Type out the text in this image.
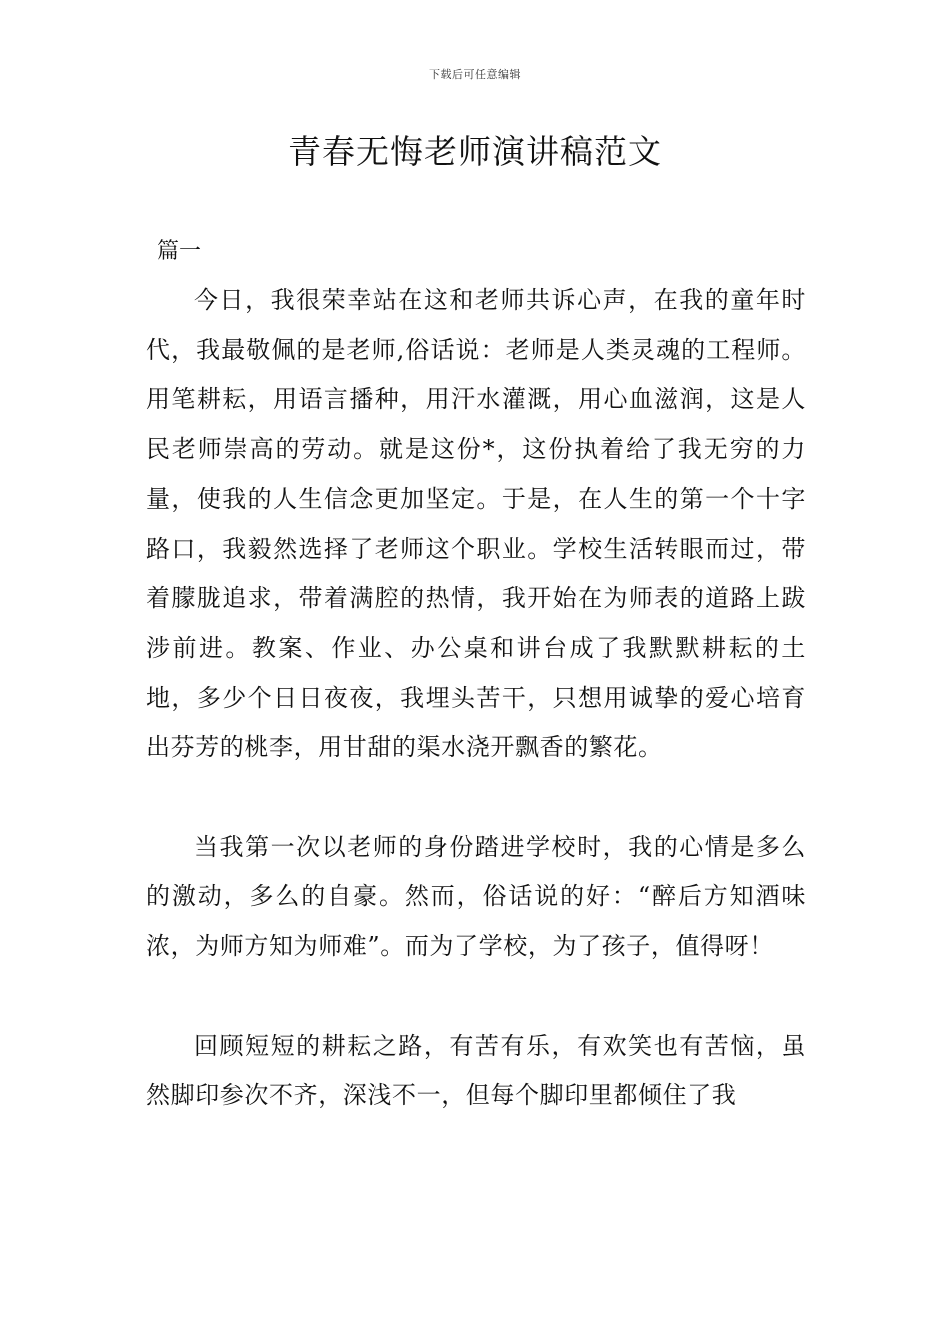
下载后可任意编辑
青春无悔老师演讲稿范文
篇一

今日，我很荣幸站在这和老师共诉心声，在我的童年时代，我最敬佩的是老师,俗话说：老师是人类灵魂的工程师。用笔耕耘，用语言播种，用汗水灌溉，用心血滋润，这是人民老师崇高的劳动。就是这份*，这份执着给了我无穷的力量，使我的人生信念更加坚定。于是，在人生的第一个十字路口，我毅然选择了老师这个职业。学校生活转眼而过，带着朦胧追求，带着满腔的热情，我开始在为师表的道路上跋涉前进。教案、作业、办公桌和讲台成了我默默耕耘的土地，多少个日日夜夜，我埋头苦干，只想用诚挚的爱心培育出芬芳的桃李，用甘甜的渠水浇开飘香的繁花。

当我第一次以老师的身份踏进学校时，我的心情是多么的激动，多么的自豪。然而，俗话说的好：“醉后方知酒味浓，为师方知为师难”。而为了学校，为了孩子，值得呀！

回顾短短的耕耘之路，有苦有乐，有欢笑也有苦恼，虽然脚印参次不齐，深浅不一，但每个脚印里都倾住了我
